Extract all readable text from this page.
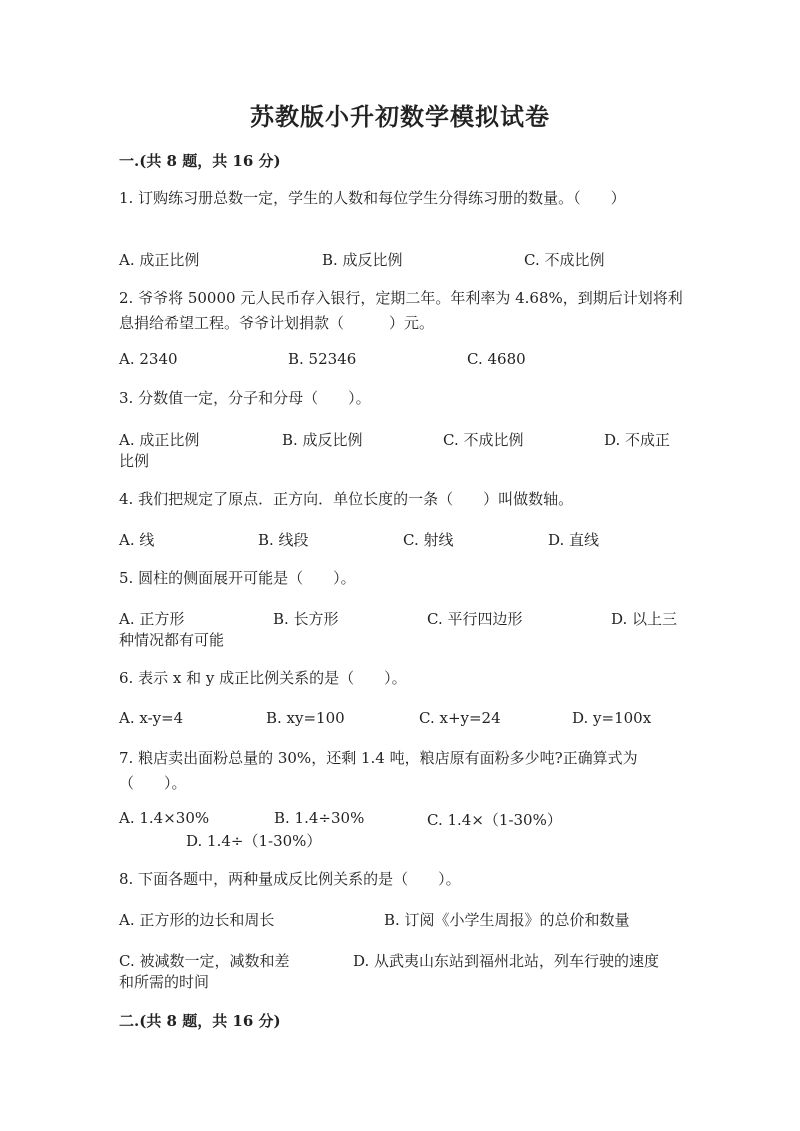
苏教版小升初数学模拟试卷
一.(共 8 题，共 16 分)
1. 订购练习册总数一定，学生的人数和每位学生分得练习册的数量。（　　）
A. 成正比例	B. 成反比例	C. 不成比例
2. 爷爷将 50000 元人民币存入银行，定期二年。年利率为 4.68%，到期后计划将利息捐给希望工程。爷爷计划捐款（　　　）元。
A. 2340	B. 52346	C. 4680
3. 分数值一定，分子和分母（　　）。
A. 成正比例	B. 成反比例	C. 不成比例	D. 不成正
比例
4. 我们把规定了原点．正方向．单位长度的一条（　　）叫做数轴。
A. 线	B. 线段	C. 射线	D. 直线
5. 圆柱的侧面展开可能是（　　）。
A. 正方形	B. 长方形	C. 平行四边形	D. 以上三
种情况都有可能
6. 表示 x 和 y 成正比例关系的是（　　）。
A. x-y=4	B. xy=100	C. x+y=24	D. y=100x
7. 粮店卖出面粉总量的 30%，还剩 1.4 吨，粮店原有面粉多少吨?正确算式为（　　）。
A. 1.4×30%	B. 1.4÷30%	C. 1.4×（1-30%）
D. 1.4÷（1-30%）
8. 下面各题中，两种量成反比例关系的是（　　）。
A. 正方形的边长和周长	B. 订阅《小学生周报》的总价和数量
C. 被减数一定，减数和差	D. 从武夷山东站到福州北站，列车行驶的速度
和所需的时间
二.(共 8 题，共 16 分)
